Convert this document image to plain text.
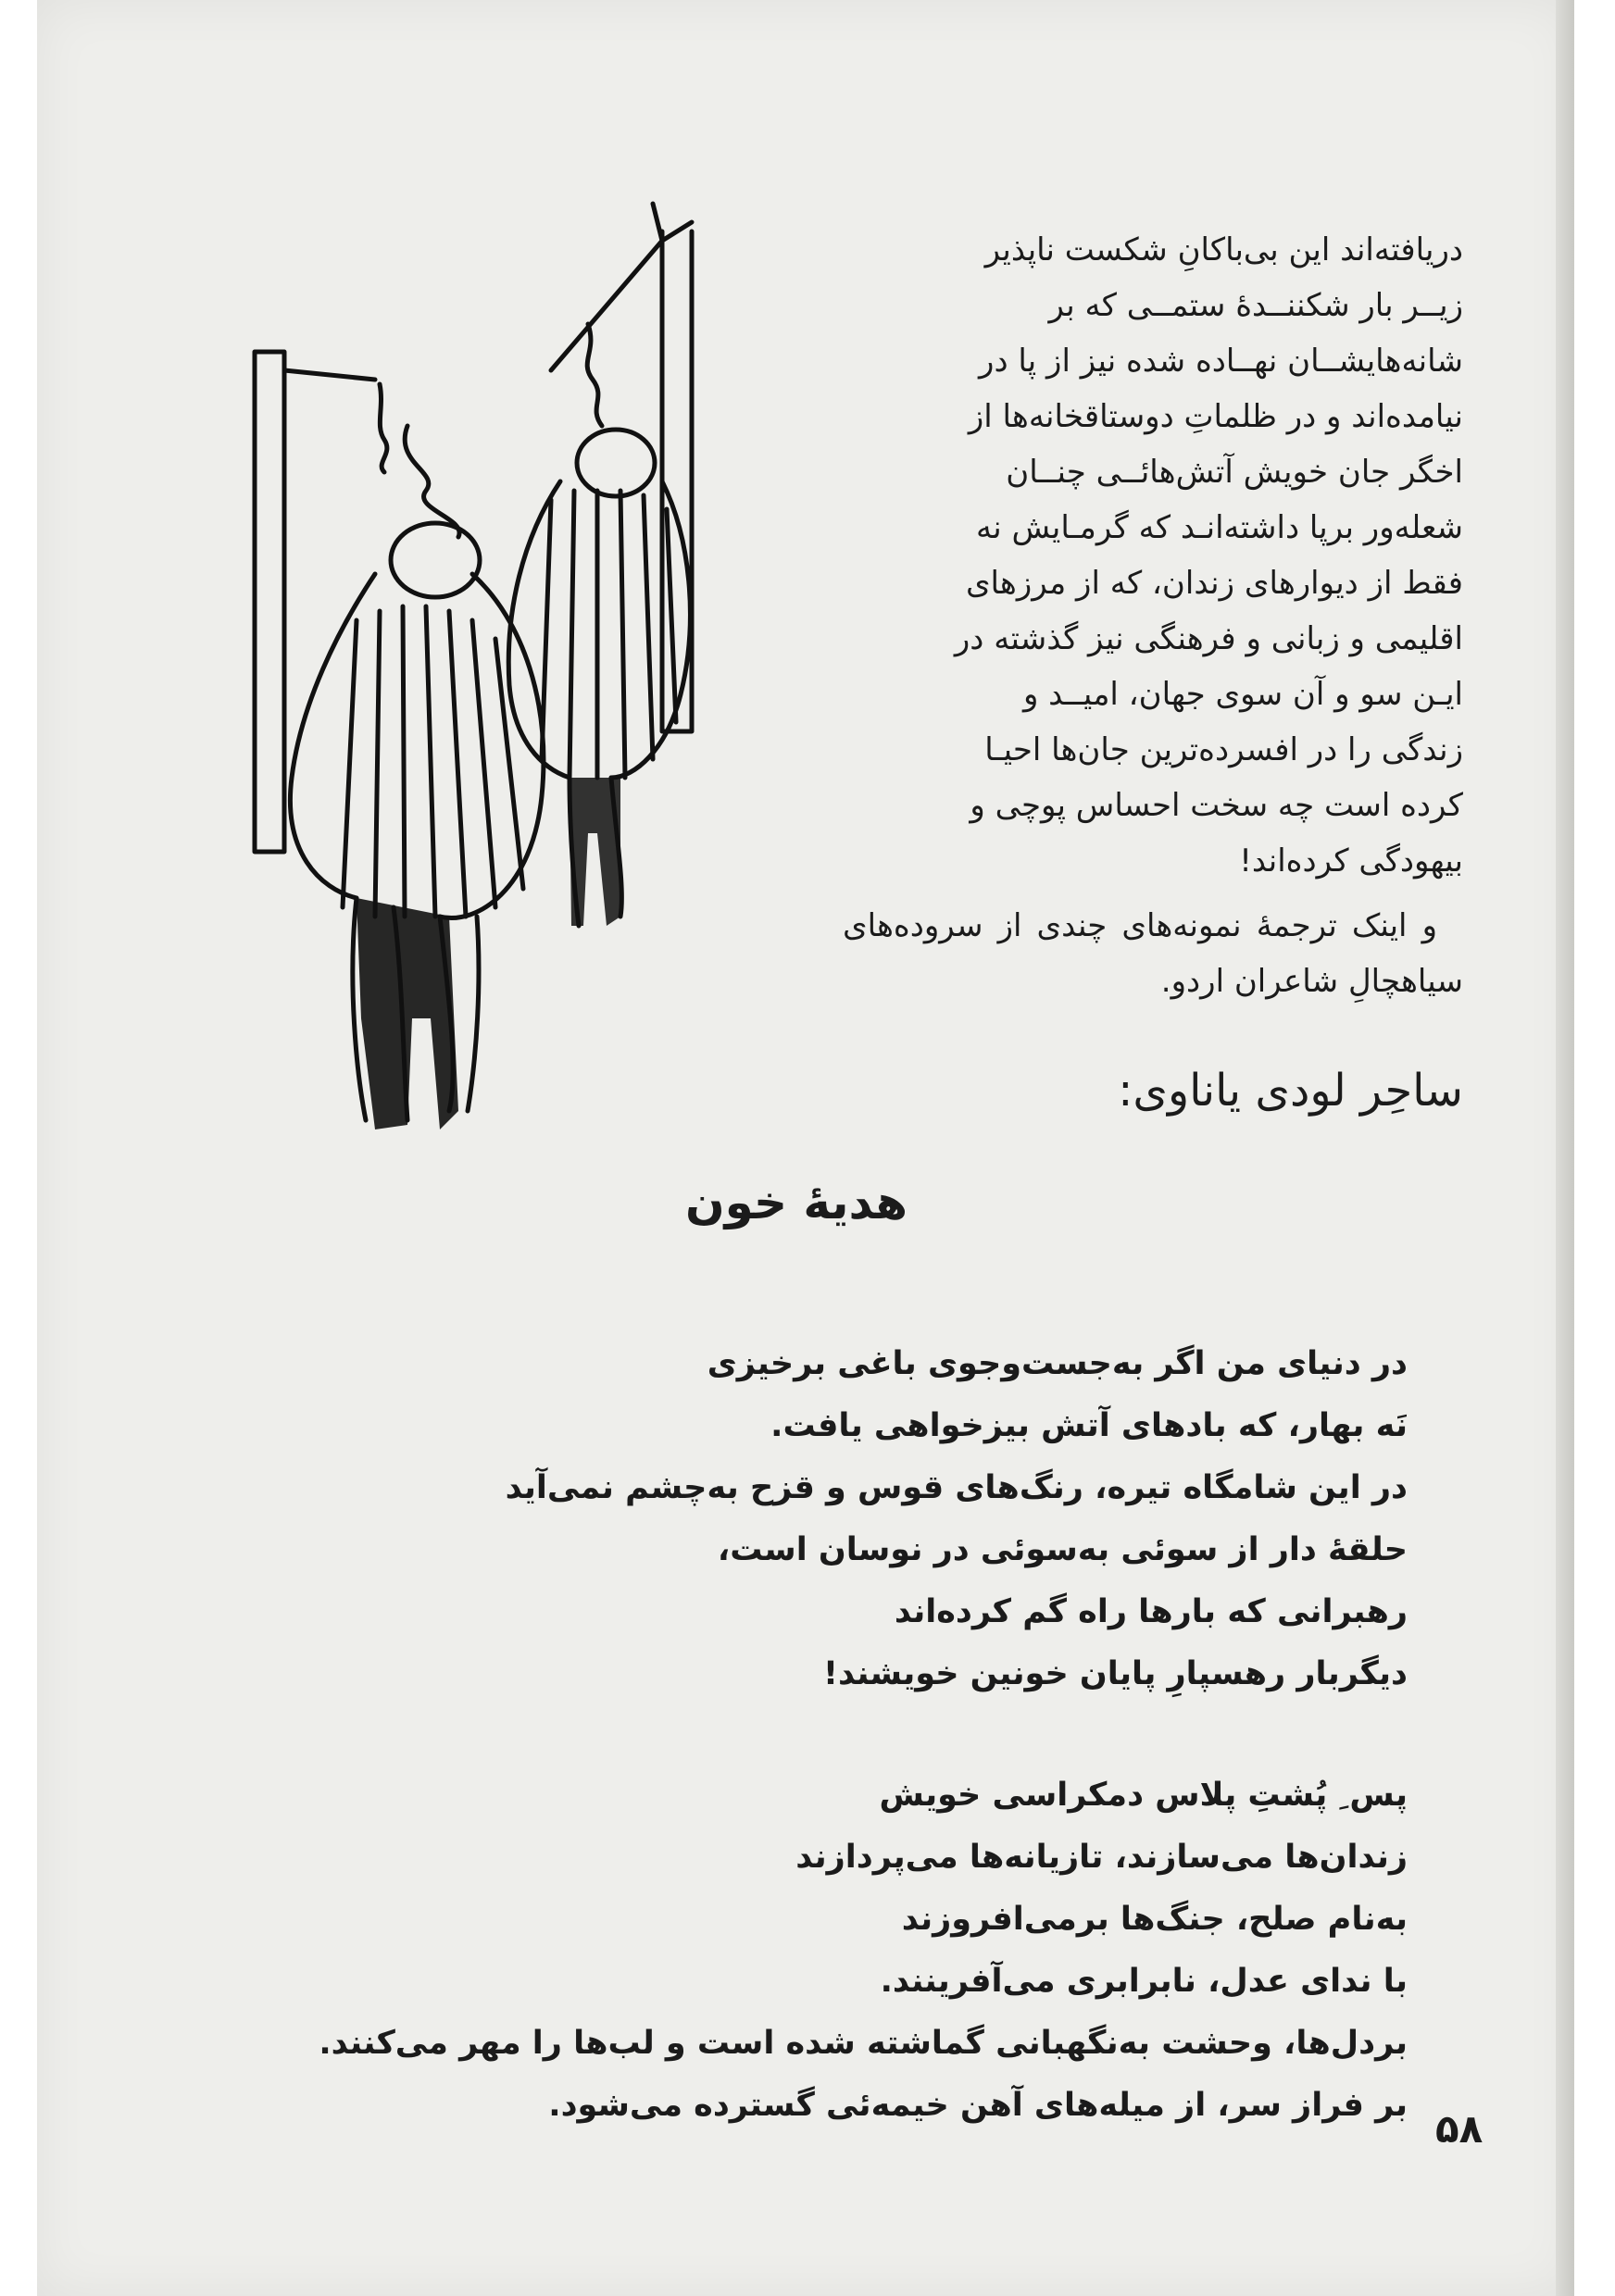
دریافته‌اند این بی‌باکانِ شکست ناپذیر
زیــر بار شکننــدهٔ ستمــی که بر
شانه‌هایشــان نهــاده شده نیز از پا در
نیامده‌اند و در ظلماتِ دوستاقخانه‌ها از
اخگر جان خویش آتش‌هائــی چنــان
شعله‌ور برپا داشته‌انـد که گرمـایش نه
فقط از دیوارهای زندان، که از مرزهای
اقلیمی و زبانی و فرهنگی نیز گذشته در
ایـن سو و آن سوی جهان، امیــد و
زندگی را در افسرده‌ترین جان‌ها احیـا
کرده است چه سخت احساس پوچی و
بیهودگی کرده‌اند!

و اینک ترجمهٔ نمونه‌های چندی از سروده‌های سیاهچالِ شاعران اردو.

ساحِر لودی یاناوی:
هدیهٔ خون

در دنیای من اگر به‌جست‌وجوی باغی برخیزی
نَه بهار، که بادهای آتش بیزخواهی یافت.
در این شامگاه تیره، رنگ‌های قوس و قزح به‌چشم نمی‌آید
حلقهٔ دار از سوئی به‌سوئی در نوسان است،
رهبرانی که بارها راه گم کرده‌اند
دیگربار رهسپارِ پایان خونین خویشند!

پس ِ پُشتِ پلاس دمکراسی خویش
زندان‌ها می‌سازند، تازیانه‌ها می‌پردازند
به‌نام صلح، جنگ‌ها برمی‌افروزند
با ندای عدل، نابرابری می‌آفرینند.
بردل‌ها، وحشت به‌نگهبانی گماشته شده است و لب‌ها را مهر می‌کنند.
بر فراز سر، از میله‌های آهن خیمه‌ئی گسترده می‌شود.

۵۸
